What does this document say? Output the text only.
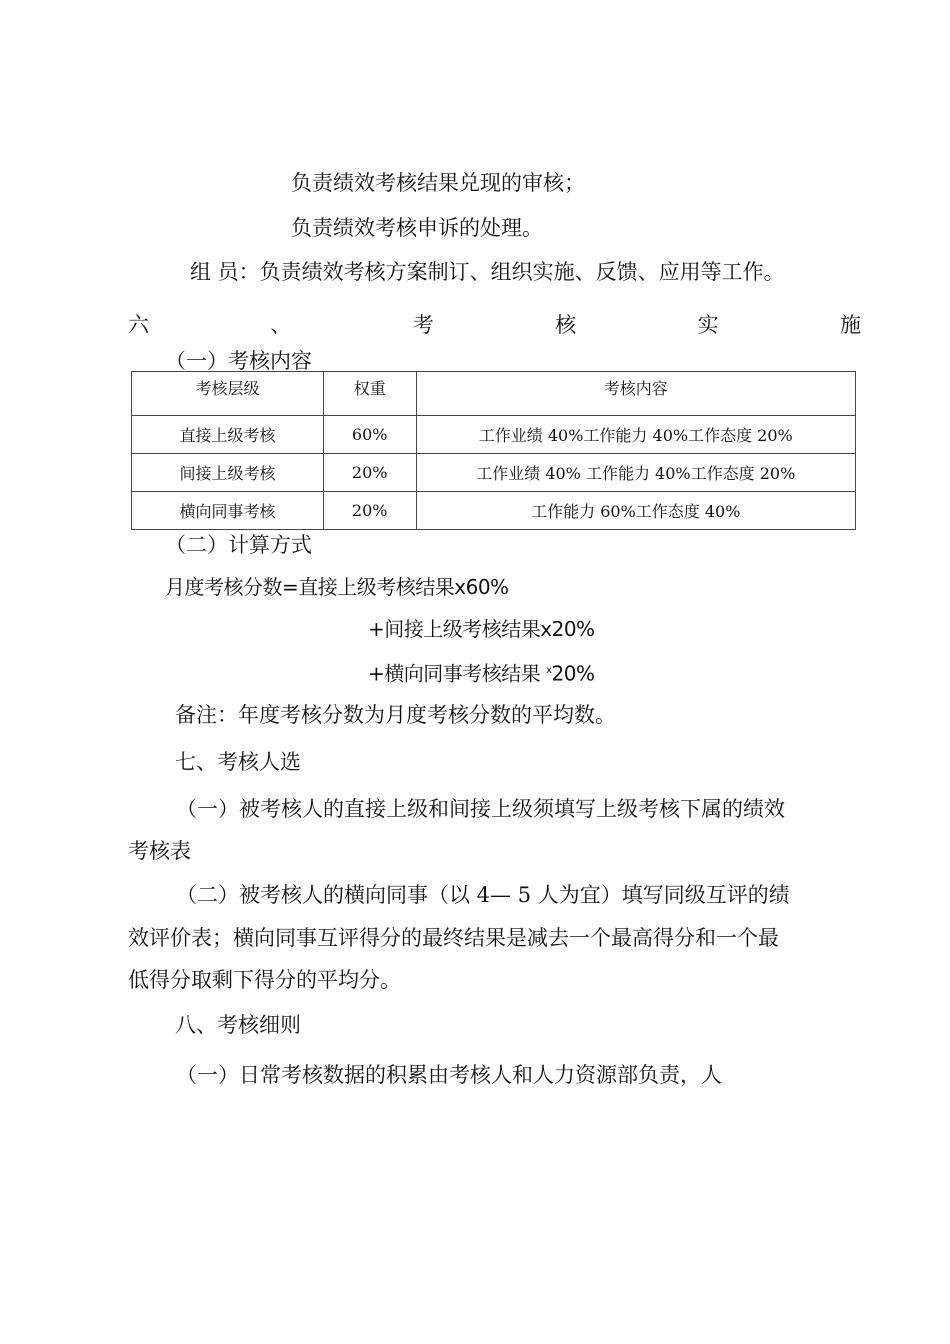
负责绩效考核结果兑现的审核；
负责绩效考核申诉的处理。
组 员：负责绩效考核方案制订、组织实施、反馈、应用等工作。
六	、	考	核	实	施
（一）考核内容
考核层级	权重	考核内容
直接上级考核	60%	工作业绩 40%工作能力 40%工作态度 20%
间接上级考核	20%	工作业绩 40% 工作能力 40%工作态度 20%
横向同事考核	20%	工作能力 60%工作态度 40%
（二）计算方式
月度考核分数=直接上级考核结果x60%
+间接上级考核结果x20%
+横向同事考核结果 $^x$20%
备注：年度考核分数为月度考核分数的平均数。
七、考核人选
（一）被考核人的直接上级和间接上级须填写上级考核下属的绩效
考核表
（二）被考核人的横向同事（以 4— 5 人为宜）填写同级互评的绩
效评价表；横向同事互评得分的最终结果是减去一个最高得分和一个最
低得分取剩下得分的平均分。
八、考核细则
（一）日常考核数据的积累由考核人和人力资源部负责，人
